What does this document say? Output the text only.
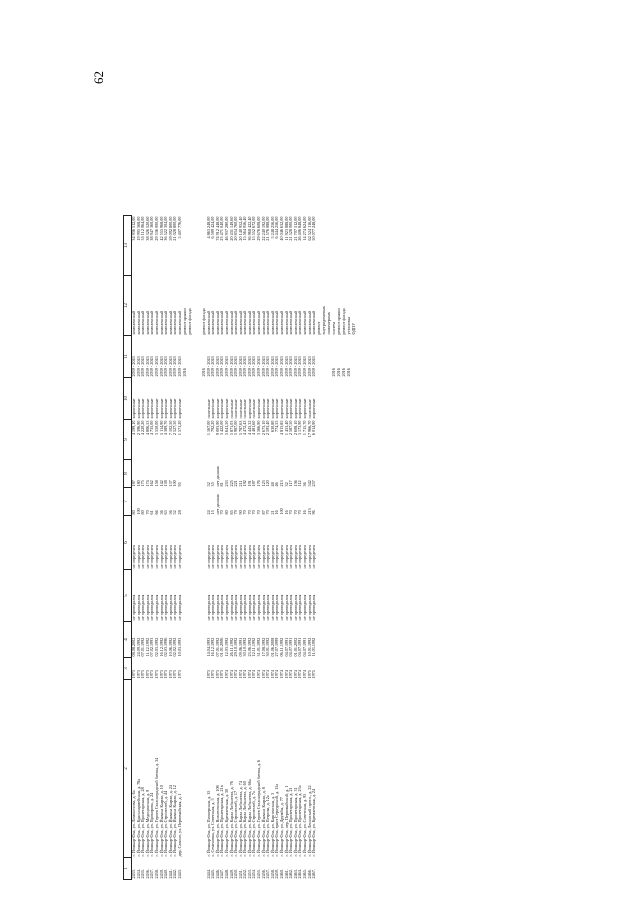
62
1	2	3	4	5	6	7	8	9	10	11	12	13
2433.	г. Йошкар-Ола, ул. Ломоносова, д. 6а	1973	08.08.2002	не проводился	не определен	80	187	4 199,10	кирпичные	2039 - 2043	комплексный	34 936 512,00
2434.	г. Йошкар-Ола, ул. Красноармейская, д. 78а	1973	24.09.1992	не проводился	не определен	100	180	2 396,90	кирпичные	2039 - 2043	комплексный	19 995 568,00
2435.	г. Йошкар-Ола, ул. Пролетарская, д. 28	1973	07.01.1992	не проводился	не определен	80	175	4 220,20	кирпичные	2039 - 2043	комплексный	35 112 064,00
2436.	г. Йошкар-Ола, ул. Медицинская, д. 9	1973	11.12.1992	не проводился	не определен	70	174	4 806,53	кирпичные	2039 - 2043	комплексный	38 326 520,60
2437.	г. Йошкар-Ола, ул. Прохорова, д. 24	1973	07.02.1993	не проводился	не определен	61	162	4 735,00	кирпичные	2039 - 2043	комплексный	38 947 360,00
2438.	г. Йошкар-Ола, ул. Героев Сталинградской битвы, д. 34	1973	02.03.1992	не проводился	не определен	66	158	3 550,00	кирпичные	2039 - 2043	комплексный	29 536 000,00
2439.	г. Йошкар-Ола, ул. Йывана Кырли, д. 10	1973	16.12.1992	не проводился	не определен	56	142	5 114,90	кирпичные	2039 - 2043	комплексный	42 555 968,00
2440.	г. Йошкар-Ола, ул. Строителей, д. 44	1973	02.03.1996	не проводился	не определен	63	138	4 389,70	кирпичные	2039 - 2043	комплексный	36 522 304,00
2441.	г. Йошкар-Ола, ул. Йывана Кырли, д. 24	1973	10.06.1992	не проводился	не определен	56	137	7 102,50	кирпичные	2039 - 2043	комплексный	59 092 800,00
2442.	г. Йошкар-Ола, ул. Йывана Кырли, д. 12	1973	02.02.1992	не проводился	не определен	52	100	2 527,50	кирпичные	2039 - 2043	комплексный	21 028 800,00
2443.	дер. Савино, ул. Первомайская, д. 1	1973	10.03.1993	не проводился	не определен	28	95	1 571,20	кирпичные	2039 - 2043	комплексный	5 407 776,00
										2016	ремонт крыши	
											ремонт фасада	

										2016	ремонт фасада	
2444.	г. Йошкар-Ола, ул. Пионерская, д. 15	1973	14.04.1993	не проводился	не определен	24	52	1 167,00	панельные	2039 - 2043	комплексный	4 863 248,00
2445.	с. Семеновка, ул. Советская, д. 5	1973	16.12.1992	не проводился	не определен	15	35	792,20	кирпичные	2039 - 2043	комплексный	6 599 424,00
2446.	г. Йошкар-Ола, ул. Вознесенская, д. 108	1973	07.01.1992	не проводился	не определен	нет данных	нет данных	9 003,90	кирпичные	2039 - 2043	комплексный	74 912 448,00
2447.	г. Йошкар-Ола, ул. Пролетарская, д. 21в	1973	01.01.2006	не проводился	не определен	70	81	3 422,00	кирпичные	2039 - 2043	комплексный	23 471 040,00
2448.	г. Йошкар-Ола, ул. Кремлевская, д. 30	1974	12.03.1992	не проводился	не определен	80	253	5 641,50	кирпичные	2039 - 2043	комплексный	46 937 280,00
2449.	г. Йошкар-Ола, ул. Карла Либкнехта, д. 76	1974	26.11.1992	не проводился	не определен	85	225	5 871,03	панельные	2039 - 2043	комплексный	20 431 149,60
2450.	г. Йошкар-Ола, ул. Строителей, д. 17	1974	29.10.1992	не проводился	не определен	79	221	5 987,00	панельные	2039 - 2043	комплексный	20 834 760,00
2451.	г. Йошкар-Ола, ул. Карла Либкнехта, д. 74	1974	09.06.1991	не проводился	не определен	90	211	5 787,63	панельные	2039 - 2043	комплексный	20 140 952,40
2452.	г. Йошкар-Ола, ул. Карла Либкнехта, д. 60	1974	30.10.1992	не проводился	не определен	70	192	4 472,43	панельные	2039 - 2043	комплексный	15 564 056,40
2453.	г. Йошкар-Ола, ул. Карла Либкнехта, д. 66а	1974	23.06.1992	не проводился	не определен	70	191	4 443,32	кирпичные	2039 - 2043	комплексный	36 968 422,40
2454.	г. Йошкар-Ола, ул. Строителей, д. 7а	1974	12.11.1992	не проводился	не определен	70	187	4 481,60	панельные	2039 - 2043	комплексный	15 552 672,00
2455.	г. Йошкар-Ола, ул. Героев Сталинградской битвы, д. 6	1974	31.01.1992	не проводился	не определен	70	176	3 566,90	кирпичные	2039 - 2043	комплексный	29 676 608,00
2456.	г. Йошкар-Ола, ул. Йывана Кырли, д. 8	1974	17.08.1992	не проводился	не определен	87	123	2 673,10	кирпичные	2039 - 2043	комплексный	22 240 192,00
2457.	г. Йошкар-Ола, ул. Петрова, д. 12а	1974	30.01.1992	не проводился	не определен	70	120	2 593,40	кирпичные	2039 - 2043	комплексный	21 576 088,00
2458.	г. Йошкар-Ола, ул. Карпинская, д. 3	1974	01.06.2008	не проводился	не определен	21	48	630,80	кирпичные	2039 - 2043	комплексный	5 248 256,00
2459.	г. Йошкар-Ола, тракт Сернурский, д. 15а	1974	27.07.1999	не проводился	не определен	16	46	774,55	кирпичные	2039 - 2043	комплексный	6 444 256,00
2460.	г. Йошкар-Ола, ул. Дружбы, д. 77	1974	06.11.1992	не проводился	не определен	100	213	4 813,85	кирпичные	2039 - 2043	комплексный	40 046 632,00
2461.	г. Йошкар-Ола, пер. Первомайский, д. 1	1974	04.07.1991	не проводился	не определен	16	32	1 453,40	кирпичные	2039 - 2043	комплексный	11 923 888,00
2462.	г. Йошкар-Ола, ул. Пролетарская, д. 21	1974	04.07.1991	не проводился	не определен	70	117	2 587,50	кирпичные	2039 - 2043	комплексный	21 528 000,00
2463.	г. Йошкар-Ола, ул. Пролетарская, д. 31	1974	01.01.2002	не проводился	не определен	70	136	2 608,10	кирпичные	2039 - 2043	комплексный	21 707 312,00
2464.	г. Йошкар-Ола, ул. Пролетарская, д. 23а	1974	04.07.1991	не проводился	не определен	70	112	3 173,90	кирпичные	2039 - 2043	комплексный	26 406 848,00
2465.	г. Йошкар-Ола, ул. Советская, д. 95	1974	04.07.1991	не проводился	не определен	16	56	1 715,70	кирпичные	2039 - 2043	комплексный	14 274 624,00
2466.	г. Йошкар-Ола, Ленинский просп., д. 22	1975	10.01.1992	не проводился	не определен	213	542	17 966,70	панельные	2039 - 2043	комплексный	62 524 116,00
2467.	г. Йошкар-Ола, ул. Кремлевская, д. 24	1975	11.03.1992	не проводился	не определен	96	257	6 014,90	кирпичные	2039 - 2043	комплексный	50 077 248,00
											ремонт	
											внутридомовых	
											инженерных	
										2016	систем	
										2016	ремонт крыши	
										2016	ремонт фасада	
										2016	установка	
											ОДПУ	
